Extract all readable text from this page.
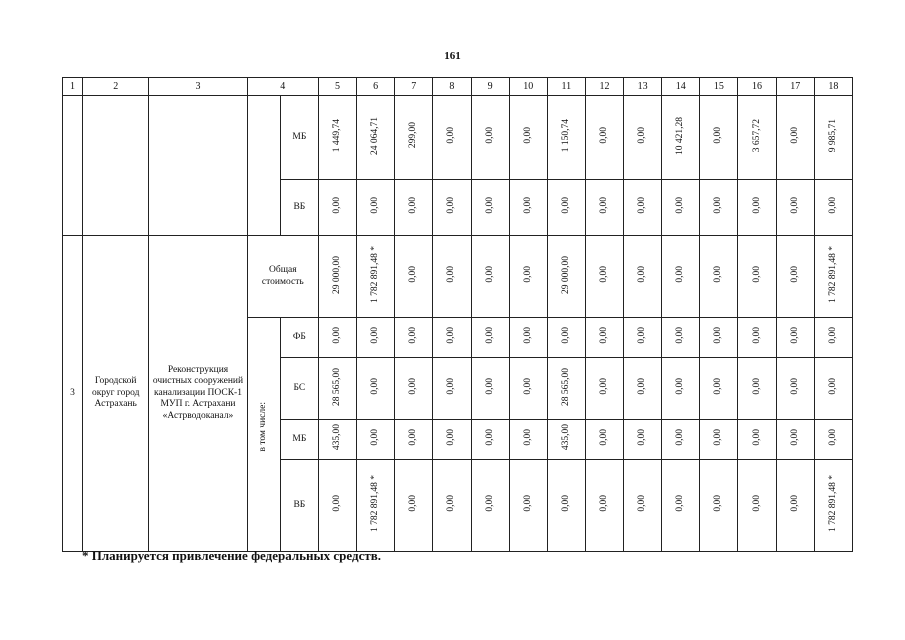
161
1	2	3	4		5	6	7	8	9	10	11	12	13	14	15	16	17	18
				МБ	1 449,74	24 064,71	299,00	0,00	0,00	0,00	1 150,74	0,00	0,00	10 421,28	0,00	3 657,72	0,00	9 985,71
				ВБ	0,00	0,00	0,00	0,00	0,00	0,00	0,00	0,00	0,00	0,00	0,00	0,00	0,00	0,00
3	Городской округ город Астрахань	Реконструкция очистных сооружений канализации ПОСК-1 МУП г. Астрахани «Астрводоканал»	Общая стоимость		29 000,00	1 782 891,48 *	0,00	0,00	0,00	0,00	29 000,00	0,00	0,00	0,00	0,00	0,00	0,00	1 782 891,48 *
			в том числе:	ФБ	0,00	0,00	0,00	0,00	0,00	0,00	0,00	0,00	0,00	0,00	0,00	0,00	0,00	0,00
				БС	28 565,00	0,00	0,00	0,00	0,00	0,00	28 565,00	0,00	0,00	0,00	0,00	0,00	0,00	0,00
				МБ	435,00	0,00	0,00	0,00	0,00	0,00	435,00	0,00	0,00	0,00	0,00	0,00	0,00	0,00
				ВБ	0,00	1 782 891,48 *	0,00	0,00	0,00	0,00	0,00	0,00	0,00	0,00	0,00	0,00	0,00	1 782 891,48 *
* Планируется привлечение федеральных средств.
